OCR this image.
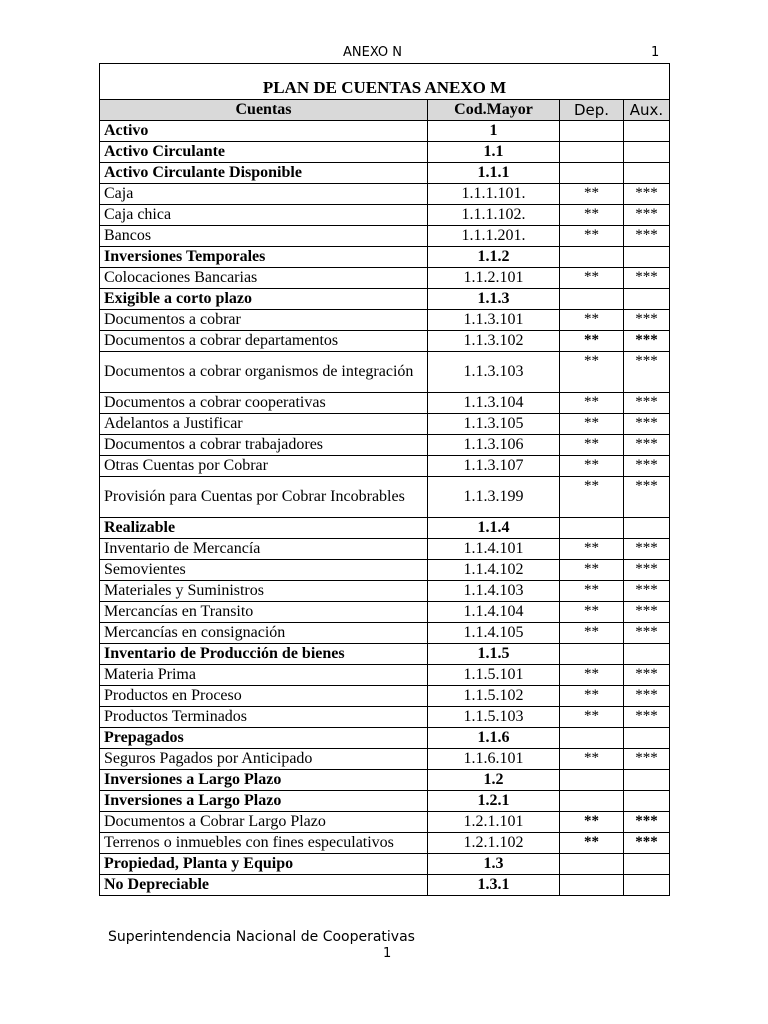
ANEXO N	1
PLAN DE CUENTAS ANEXO M			
Cuentas	Cod.Mayor	Dep.	Aux.
Activo	1		
Activo Circulante	1.1		
Activo Circulante Disponible	1.1.1		
Caja	1.1.1.101.	**	***
Caja chica	1.1.1.102.	**	***
Bancos	1.1.1.201.	**	***
Inversiones Temporales	1.1.2		
Colocaciones Bancarias	1.1.2.101	**	***
Exigible a corto plazo	1.1.3		
Documentos a cobrar	1.1.3.101	**	***
Documentos a cobrar departamentos	1.1.3.102	**	***
Documentos a cobrar organismos de integración	1.1.3.103	**	***
Documentos a cobrar cooperativas	1.1.3.104	**	***
Adelantos a Justificar	1.1.3.105	**	***
Documentos a cobrar trabajadores	1.1.3.106	**	***
Otras Cuentas por Cobrar	1.1.3.107	**	***
Provisión para Cuentas por Cobrar Incobrables	1.1.3.199	**	***
Realizable	1.1.4		
Inventario de Mercancía	1.1.4.101	**	***
Semovientes	1.1.4.102	**	***
Materiales y Suministros	1.1.4.103	**	***
Mercancías en Transito	1.1.4.104	**	***
Mercancías en consignación	1.1.4.105	**	***
Inventario de Producción de bienes	1.1.5		
Materia Prima	1.1.5.101	**	***
Productos en Proceso	1.1.5.102	**	***
Productos Terminados	1.1.5.103	**	***
Prepagados	1.1.6		
Seguros Pagados por Anticipado	1.1.6.101	**	***
Inversiones a Largo Plazo	1.2		
Inversiones a Largo Plazo	1.2.1		
Documentos a Cobrar Largo Plazo	1.2.1.101	**	***
Terrenos o inmuebles con fines especulativos	1.2.1.102	**	***
Propiedad, Planta y Equipo	1.3		
No Depreciable	1.3.1		
Superintendencia Nacional de Cooperativas
1
